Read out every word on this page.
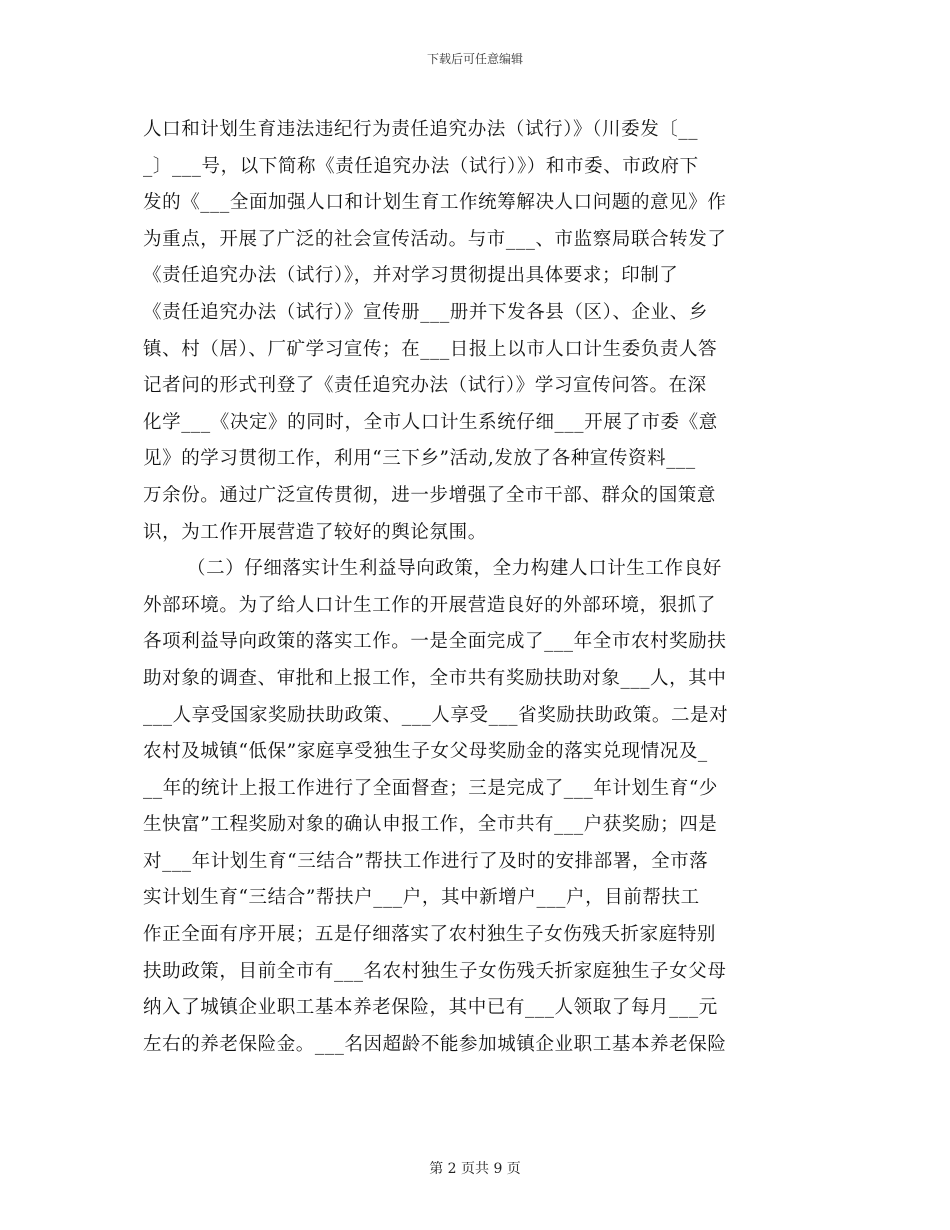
下载后可任意编辑
人口和计划生育违法违纪行为责任追究办法（试行）》（川委发〔__
_〕___号，以下简称《责任追究办法（试行）》）和市委、市政府下
发的《___全面加强人口和计划生育工作统筹解决人口问题的意见》作
为重点，开展了广泛的社会宣传活动。与市___、市监察局联合转发了
《责任追究办法（试行）》，并对学习贯彻提出具体要求；印制了
《责任追究办法（试行）》宣传册___册并下发各县（区）、企业、乡
镇、村（居）、厂矿学习宣传；在___日报上以市人口计生委负责人答
记者问的形式刊登了《责任追究办法（试行）》学习宣传问答。在深
化学___《决定》的同时，全市人口计生系统仔细___开展了市委《意
见》的学习贯彻工作，利用“三下乡”活动,发放了各种宣传资料___
万余份。通过广泛宣传贯彻，进一步增强了全市干部、群众的国策意
识，为工作开展营造了较好的舆论氛围。
（二）仔细落实计生利益导向政策，全力构建人口计生工作良好
外部环境。为了给人口计生工作的开展营造良好的外部环境，狠抓了
各项利益导向政策的落实工作。一是全面完成了___年全市农村奖励扶
助对象的调查、审批和上报工作，全市共有奖励扶助对象___人，其中
___人享受国家奖励扶助政策、___人享受___省奖励扶助政策。二是对
农村及城镇“低保”家庭享受独生子女父母奖励金的落实兑现情况及_
__年的统计上报工作进行了全面督查；三是完成了___年计划生育“少
生快富”工程奖励对象的确认申报工作，全市共有___户获奖励；四是
对___年计划生育“三结合”帮扶工作进行了及时的安排部署，全市落
实计划生育“三结合”帮扶户___户，其中新增户___户，目前帮扶工
作正全面有序开展；五是仔细落实了农村独生子女伤残夭折家庭特别
扶助政策，目前全市有___名农村独生子女伤残夭折家庭独生子女父母
纳入了城镇企业职工基本养老保险，其中已有___人领取了每月___元
左右的养老保险金。___名因超龄不能参加城镇企业职工基本养老保险
第 2 页共 9 页
